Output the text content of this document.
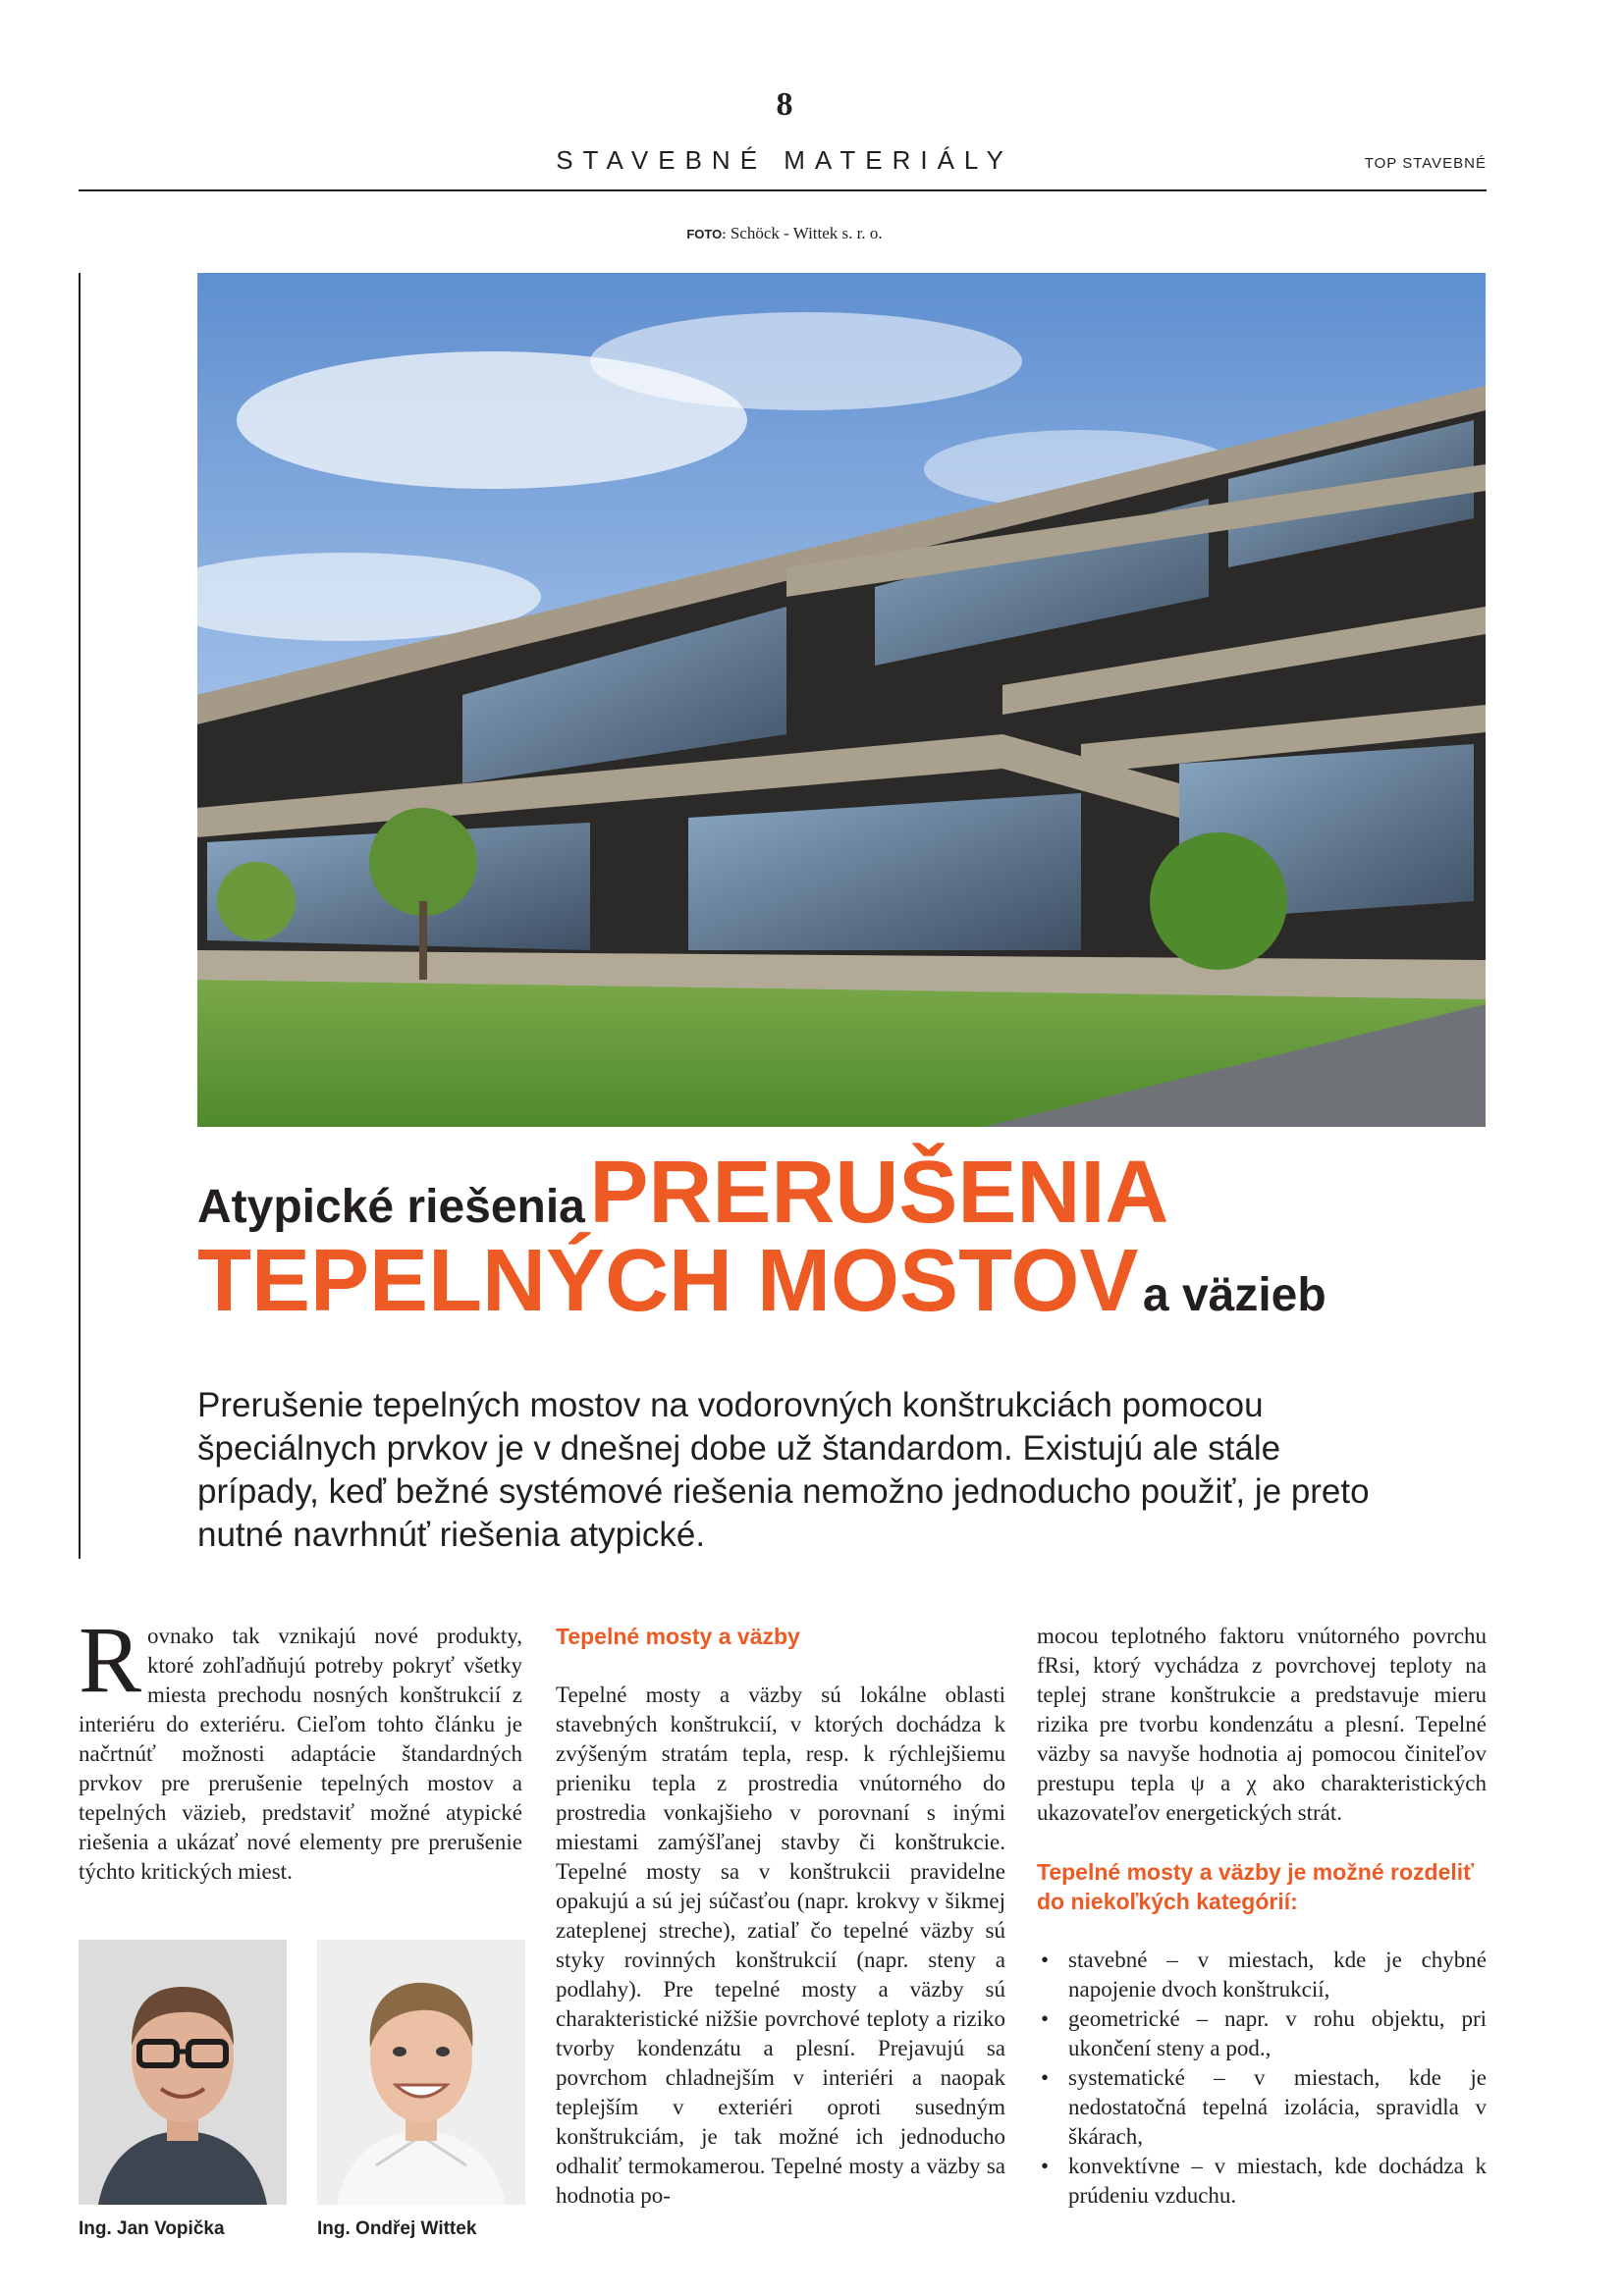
8
STAVEBNÉ MATERIÁLY	TOP STAVEBNÉ
FOTO: Schöck - Wittek s. r. o.
Atypické riešenia PRERUŠENIA
TEPELNÝCH MOSTOV a väzieb
Prerušenie tepelných mostov na vodorovných konštrukciách pomocou špeciálnych prvkov je v dnešnej dobe už štandardom. Existujú ale stále prípady, keď bežné systémové riešenia nemožno jednoducho použiť, je preto nutné navrhnúť riešenia atypické.
R ovnako tak vznikajú nové produkty, ktoré zohľadňujú potreby pokryť všetky miesta prechodu nosných konštrukcií z interiéru do exteriéru. Cieľom tohto článku je načrtnúť možnosti adaptácie štandardných prvkov pre prerušenie tepelných mostov a tepelných väzieb, predstaviť možné atypické riešenia a ukázať nové elementy pre prerušenie týchto kritických miest.

Ing. Jan Vopička	Ing. Ondřej Wittek

Tepelné mosty a väzby

Tepelné mosty a väzby sú lokálne oblasti stavebných konštrukcií, v ktorých dochádza k zvýšeným stratám tepla, resp. k rýchlejšiemu prieniku tepla z prostredia vnútorného do prostredia vonkajšieho v porovnaní s inými miestami zamýšľanej stavby či konštrukcie. Tepelné mosty sa v konštrukcii pravidelne opakujú a sú jej súčasťou (napr. krokvy v šikmej zateplenej streche), zatiaľ čo tepelné väzby sú styky rovinných konštrukcií (napr. steny a podlahy). Pre tepelné mosty a väzby sú charakteristické nižšie povrchové teploty a riziko tvorby kondenzátu a plesní. Prejavujú sa povrchom chladnejším v interiéri a naopak teplejším v exteriéri oproti susedným konštrukciám, je tak možné ich jednoducho odhaliť termokamerou. Tepelné mosty a väzby sa hodnotia po-

mocou teplotného faktoru vnútorného povrchu fRsi, ktorý vychádza z povrchovej teploty na teplej strane konštrukcie a predstavuje mieru rizika pre tvorbu kondenzátu a plesní. Tepelné väzby sa navyše hodnotia aj pomocou činiteľov prestupu tepla ψ a χ ako charakteristických ukazovateľov energetických strát.

Tepelné mosty a väzby je možné rozdeliť do niekoľkých kategórií:

• stavebné – v miestach, kde je chybné napojenie dvoch konštrukcií,
• geometrické – napr. v rohu objektu, pri ukončení steny a pod.,
• systematické – v miestach, kde je nedostatočná tepelná izolácia, spravidla v škárach,
• konvektívne – v miestach, kde dochádza k prúdeniu vzduchu.
